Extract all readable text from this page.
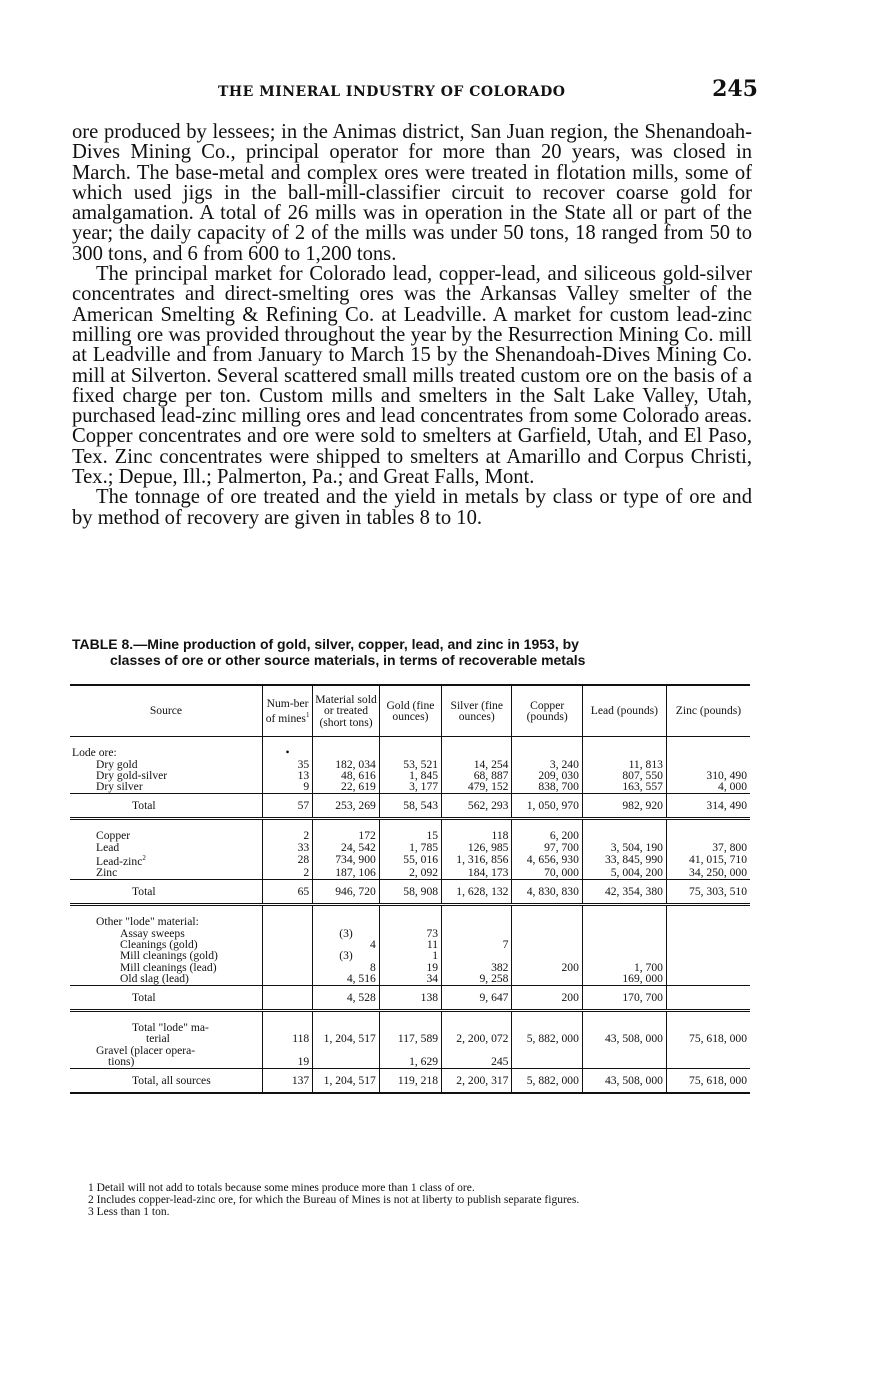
THE MINERAL INDUSTRY OF COLORADO	245

ore produced by lessees; in the Animas district, San Juan region, the Shenandoah-Dives Mining Co., principal operator for more than 20 years, was closed in March. The base-metal and complex ores were treated in flotation mills, some of which used jigs in the ball-mill-classifier circuit to recover coarse gold for amalgamation. A total of 26 mills was in operation in the State all or part of the year; the daily capacity of 2 of the mills was under 50 tons, 18 ranged from 50 to 300 tons, and 6 from 600 to 1,200 tons.

The principal market for Colorado lead, copper-lead, and siliceous gold-silver concentrates and direct-smelting ores was the Arkansas Valley smelter of the American Smelting & Refining Co. at Leadville. A market for custom lead-zinc milling ore was provided throughout the year by the Resurrection Mining Co. mill at Leadville and from January to March 15 by the Shenandoah-Dives Mining Co. mill at Silverton. Several scattered small mills treated custom ore on the basis of a fixed charge per ton. Custom mills and smelters in the Salt Lake Valley, Utah, purchased lead-zinc milling ores and lead concentrates from some Colorado areas. Copper concentrates and ore were sold to smelters at Garfield, Utah, and El Paso, Tex. Zinc concentrates were shipped to smelters at Amarillo and Corpus Christi, Tex.; Depue, Ill.; Palmerton, Pa.; and Great Falls, Mont.

The tonnage of ore treated and the yield in metals by class or type of ore and by method of recovery are given in tables 8 to 10.

TABLE 8.—Mine production of gold, silver, copper, lead, and zinc in 1953, by
classes of ore or other source materials, in terms of recoverable metals
Source	Num-ber of mines$^1$	Material sold or treated (short tons)	Gold (fine ounces)	Silver (fine ounces)	Copper (pounds)	Lead (pounds)	Zinc (pounds)

Lode ore:	•						
Dry gold	35	182, 034	53, 521	14, 254	3, 240	11, 813	
Dry gold-silver	13	48, 616	1, 845	68, 887	209, 030	807, 550	310, 490
Dry silver	9	22, 619	3, 177	479, 152	838, 700	163, 557	4, 000
Total	57	253, 269	58, 543	562, 293	1, 050, 970	982, 920	314, 490

Copper	2	172	15	118	6, 200		
Lead	33	24, 542	1, 785	126, 985	97, 700	3, 504, 190	37, 800
Lead-zinc$^2$	28	734, 900	55, 016	1, 316, 856	4, 656, 930	33, 845, 990	41, 015, 710
Zinc	2	187, 106	2, 092	184, 173	70, 000	5, 004, 200	34, 250, 000
Total	65	946, 720	58, 908	1, 628, 132	4, 830, 830	42, 354, 380	75, 303, 510

Other "lode" material:							
Assay sweeps		(3)	73				
Cleanings (gold)		4	11	7			
Mill cleanings (gold)		(3)	1				
Mill cleanings (lead)		8	19	382	200	1, 700	
Old slag (lead)		4, 516	34	9, 258		169, 000	
Total		4, 528	138	9, 647	200	170, 700	

Total "lode" ma-							
terial	118	1, 204, 517	117, 589	2, 200, 072	5, 882, 000	43, 508, 000	75, 618, 000
Gravel (placer opera-							
tions)	19		1, 629	245			
Total, all sources	137	1, 204, 517	119, 218	2, 200, 317	5, 882, 000	43, 508, 000	75, 618, 000
1 Detail will not add to totals because some mines produce more than 1 class of ore.
2 Includes copper-lead-zinc ore, for which the Bureau of Mines is not at liberty to publish separate figures.
3 Less than 1 ton.
